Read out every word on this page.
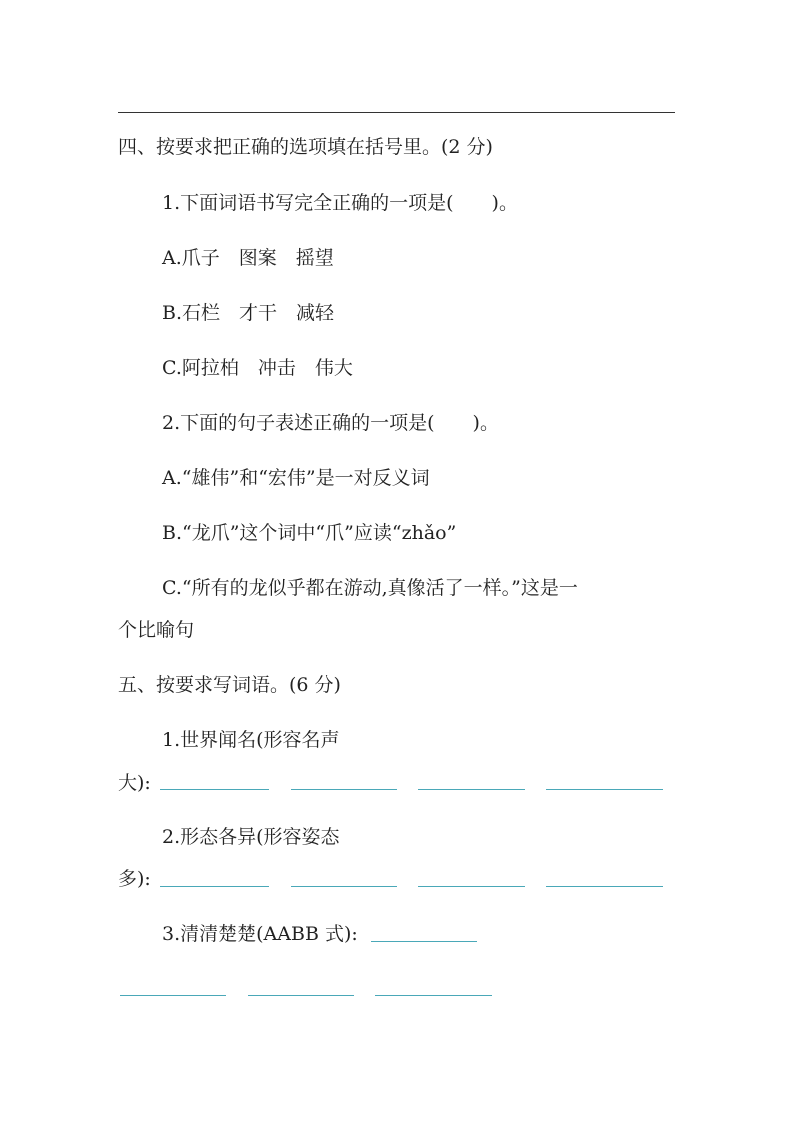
四、按要求把正确的选项填在括号里。(2 分)
1.下面词语书写完全正确的一项是(　　)。
A.爪子　图案　摇望
B.石栏　才干　减轻
C.阿拉柏　冲击　伟大
2.下面的句子表述正确的一项是(　　)。
A.“雄伟”和“宏伟”是一对反义词
B.“龙爪”这个词中“爪”应读“zhǎo”
C.“所有的龙似乎都在游动,真像活了一样。”这是一
个比喻句
五、按要求写词语。(6 分)
1.世界闻名(形容名声
大):
2.形态各异(形容姿态
多):
3.清清楚楚(AABB 式):
